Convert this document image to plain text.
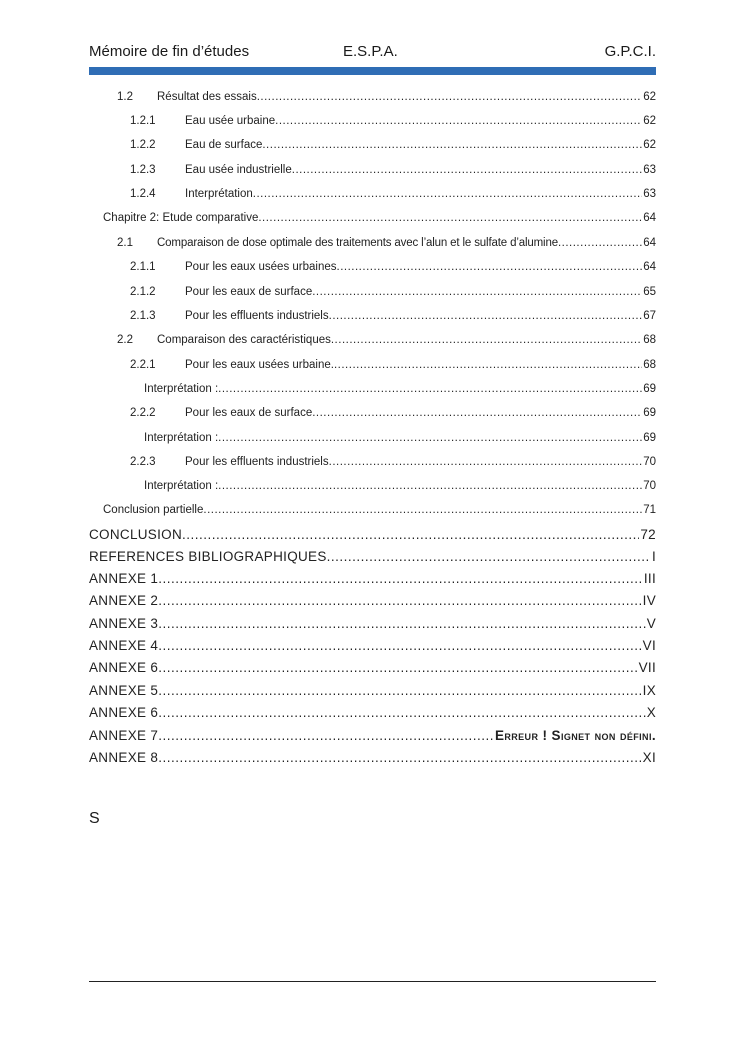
Mémoire de fin d’études	E.S.P.A.	G.P.C.I.
1.2	Résultat des essais .....	62
1.2.1	Eau usée urbaine .....	62
1.2.2	Eau de surface .....	62
1.2.3	Eau usée industrielle .....	63
1.2.4	Interprétation .....	63
Chapitre 2: Etude comparative .....	64
2.1	Comparaison de dose optimale des traitements avec l’alun et le sulfate d’alumine .....	64
2.1.1	Pour les eaux usées urbaines .....	64
2.1.2	Pour les eaux de surface .....	65
2.1.3	Pour les effluents industriels .....	67
2.2	Comparaison des caractéristiques .....	68
2.2.1	Pour les eaux usées urbaine. .....	68
Interprétation : .....	69
2.2.2	Pour les eaux de surface .....	69
Interprétation : .....	69
2.2.3	Pour les effluents industriels .....	70
Interprétation : .....	70
Conclusion partielle .....	71
CONCLUSION .....	72
REFERENCES BIBLIOGRAPHIQUES .....	I
ANNEXE 1 .....	III
ANNEXE 2 .....	IV
ANNEXE 3 .....	V
ANNEXE 4 .....	VI
ANNEXE 6 .....	VII
ANNEXE 5 .....	IX
ANNEXE 6 .....	X
ANNEXE 7 .....	Erreur ! Signet non défini.
ANNEXE 8 .....	XI
S
